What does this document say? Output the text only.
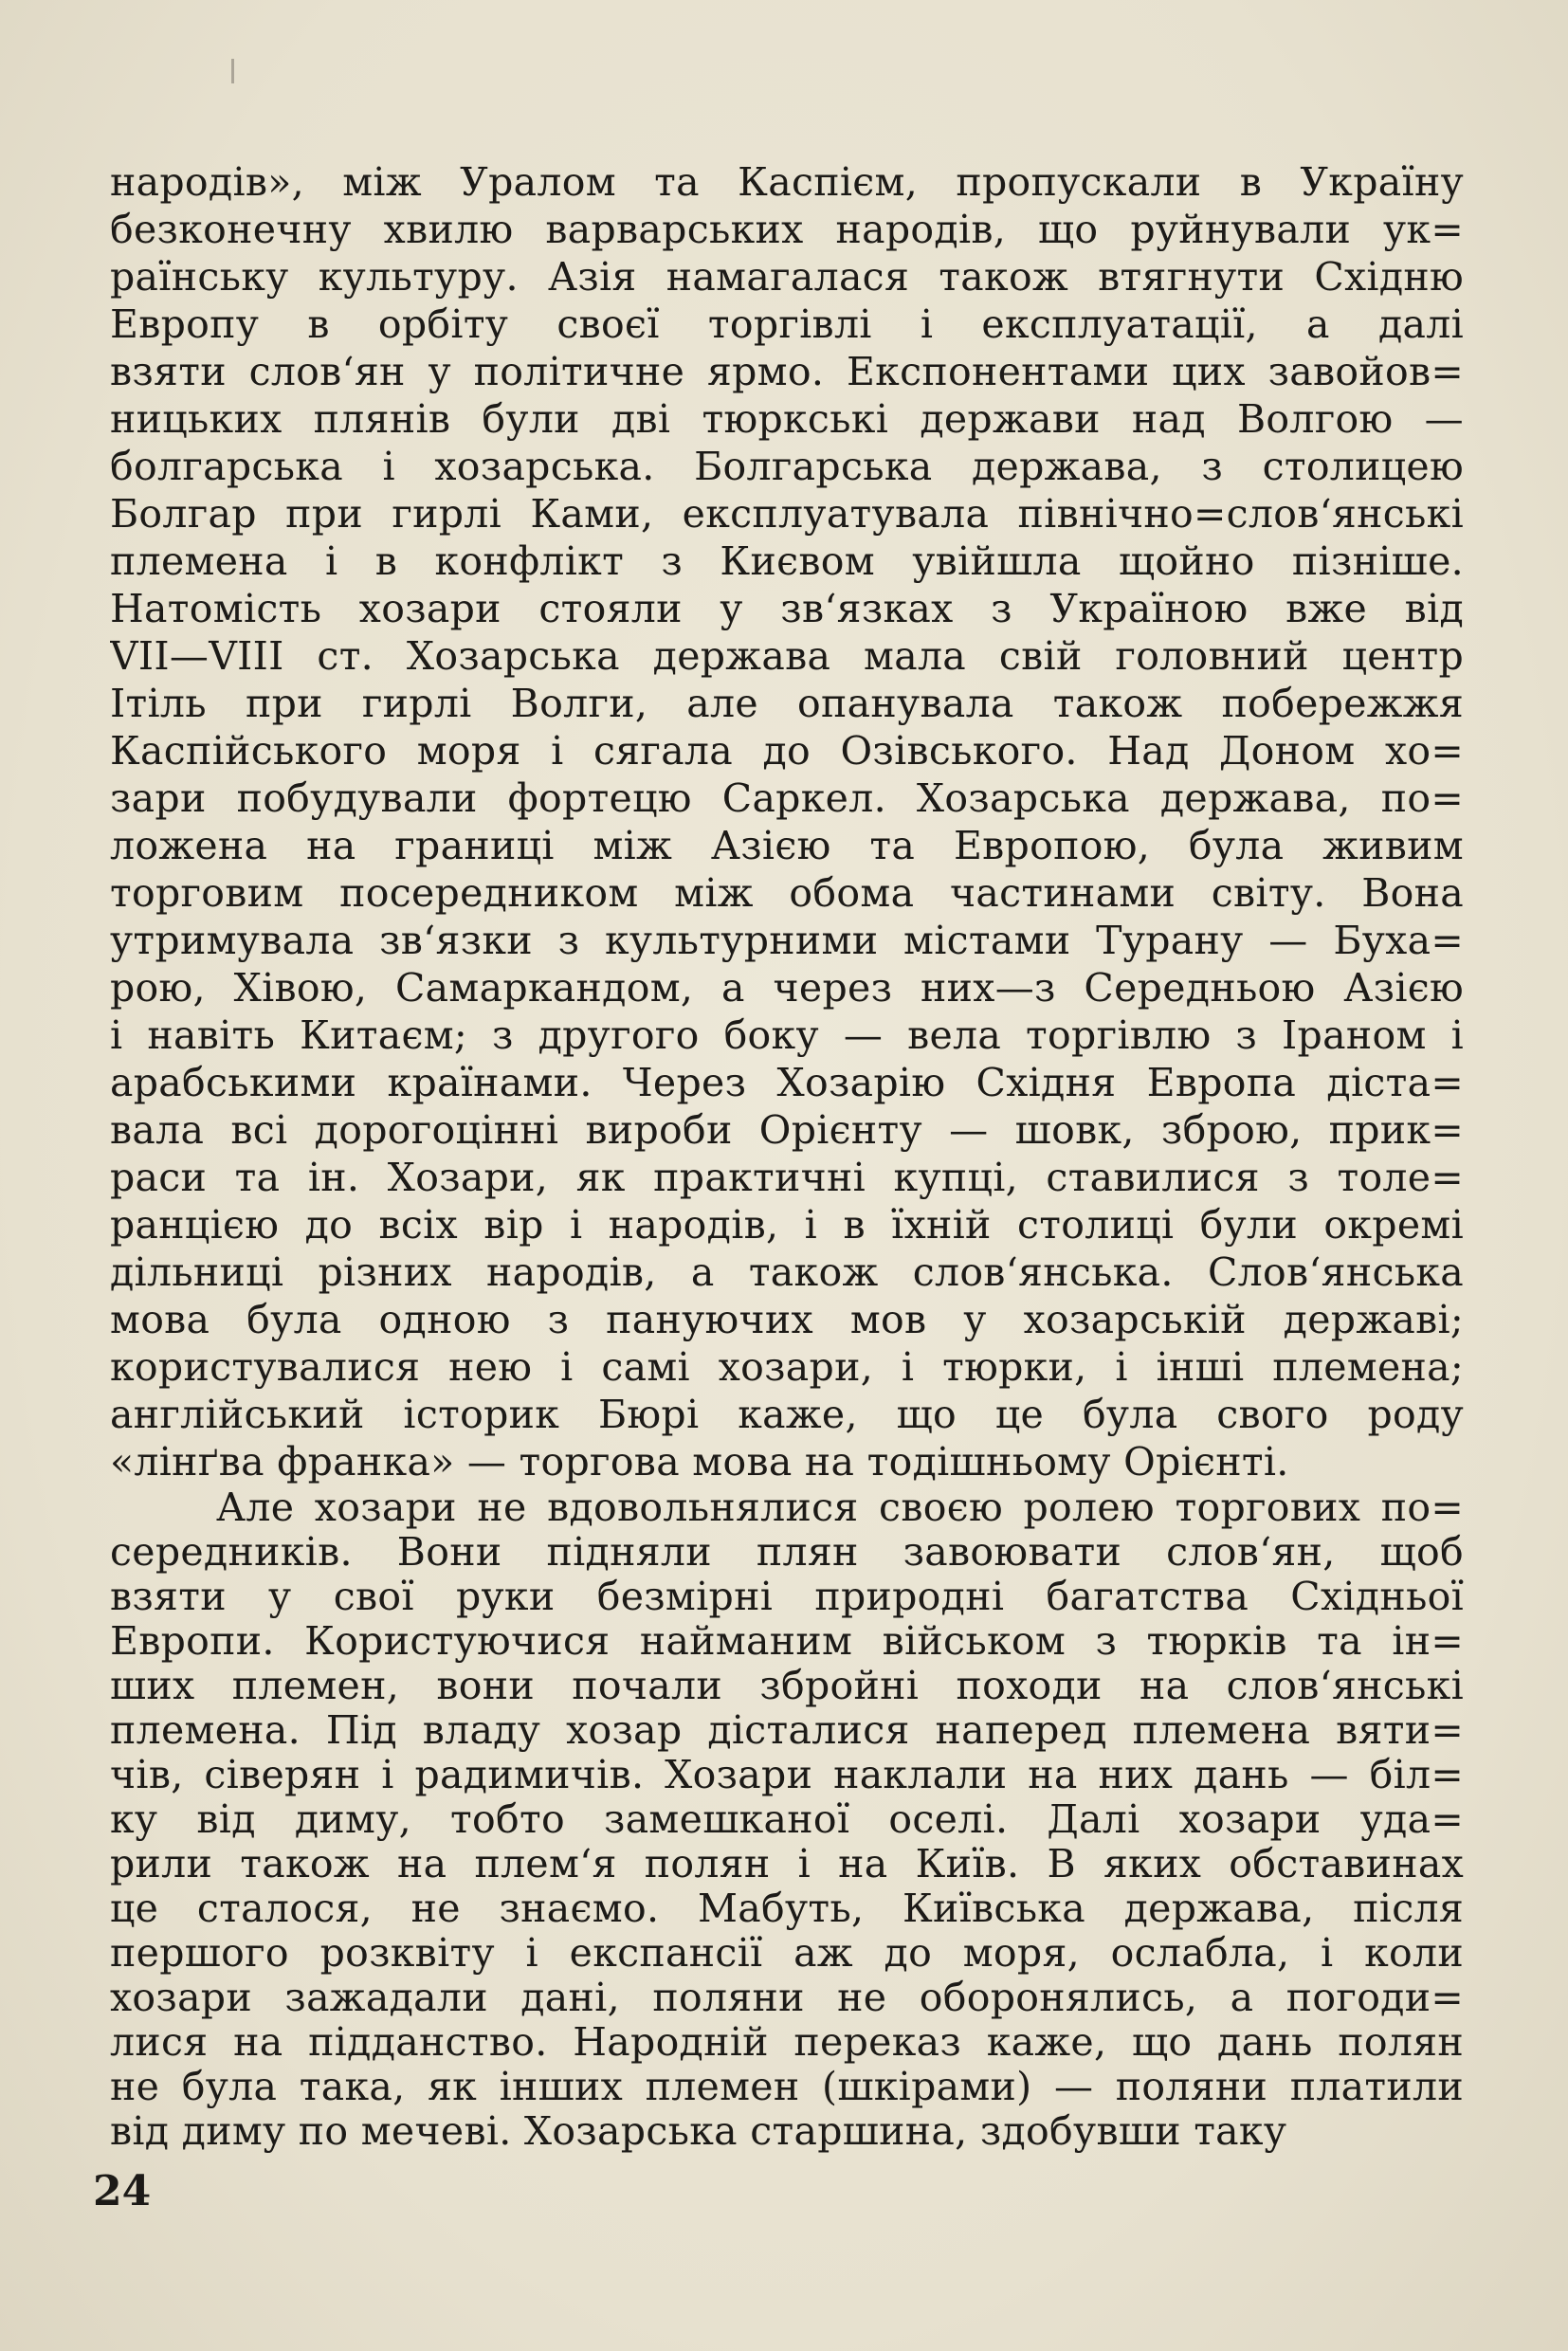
народів», між Уралом та Каспієм, пропускали в Україну
безконечну хвилю варварських народів, що руйнували ук=
раїнську культуру. Азія намагалася також втягнути Східню
Европу в орбіту своєї торгівлі і експлуатації, а далі
взяти слов‘ян у політичне ярмо. Експонентами цих завойов=
ницьких плянів були дві тюркські держави над Волгою —
болгарська і хозарська. Болгарська держава, з столицею
Болгар при гирлі Ками, експлуатувала північно=слов‘янські
племена і в конфлікт з Києвом увійшла щойно пізніше.
Натомість хозари стояли у зв‘язках з Україною вже від
VII—VIII ст. Хозарська держава мала свій головний центр
Ітіль при гирлі Волги, але опанувала також побережжя
Каспійського моря і сягала до Озівського. Над Доном хо=
зари побудували фортецю Саркел. Хозарська держава, по=
ложена на границі між Азією та Европою, була живим
торговим посередником між обома частинами світу. Вона
утримувала зв‘язки з культурними містами Турану — Буха=
рою, Хівою, Самаркандом, а через них—з Середньою Азією
і навіть Китаєм; з другого боку — вела торгівлю з Іраном і
арабськими країнами. Через Хозарію Східня Европа діста=
вала всі дорогоцінні вироби Орієнту — шовк, зброю, прик=
раси та ін. Хозари, як практичні купці, ставилися з толе=
ранцією до всіх вір і народів, і в їхній столиці були окремі
дільниці різних народів, а також слов‘янська. Слов‘янська
мова була одною з пануючих мов у хозарській державі;
користувалися нею і самі хозари, і тюрки, і інші племена;
англійський історик Бюрі каже, що це була свого роду
«лінґва франка» — торгова мова на тодішньому Орієнті.
Але хозари не вдовольнялися своєю ролею торгових по=
середників. Вони підняли плян завоювати слов‘ян, щоб
взяти у свої руки безмірні природні багатства Східньої
Европи. Користуючися найманим військом з тюрків та ін=
ших племен, вони почали збройні походи на слов‘янські
племена. Під владу хозар дісталися наперед племена вяти=
чів, сіверян і радимичів. Хозари наклали на них дань — біл=
ку від диму, тобто замешканої оселі. Далі хозари уда=
рили також на плем‘я полян і на Київ. В яких обставинах
це сталося, не знаємо. Мабуть, Київська держава, після
першого розквіту і експансії аж до моря, ослабла, і коли
хозари зажадали дані, поляни не оборонялись, а погоди=
лися на підданство. Народній переказ каже, що дань полян
не була така, як інших племен (шкірами) — поляни платили
від диму по мечеві. Хозарська старшина, здобувши таку
24
